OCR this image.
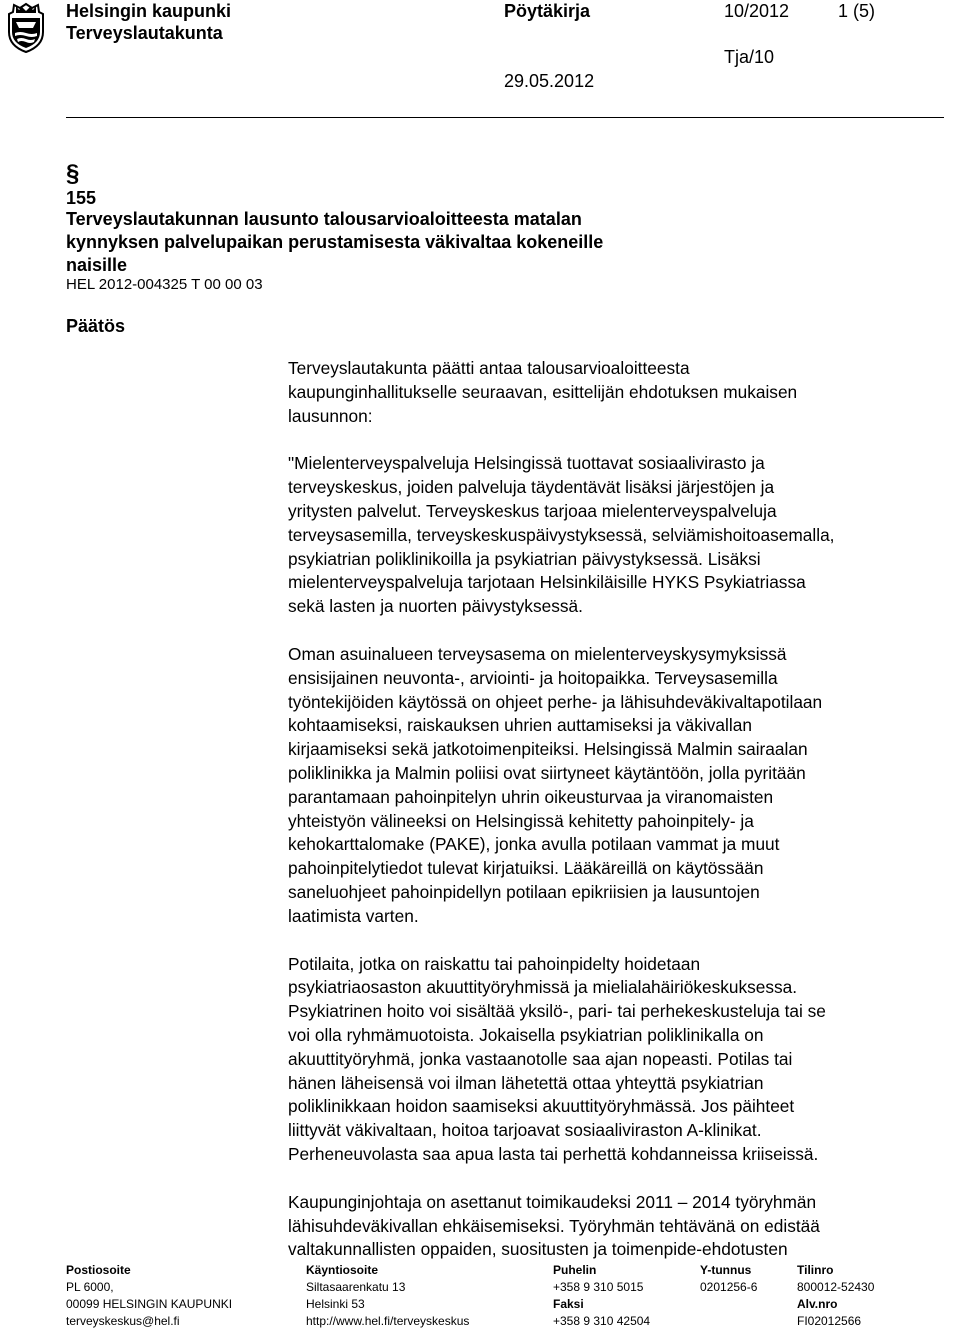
Helsingin kaupunki
Terveyslautakunta
Pöytäkirja	10/2012	1 (5)
Tja/10
29.05.2012
§
155
Terveyslautakunnan lausunto talousarvioaloitteesta matalan
kynnyksen palvelupaikan perustamisesta väkivaltaa kokeneille
naisille
HEL 2012-004325 T 00 00 03
Päätös
Terveyslautakunta päätti antaa talousarvioaloitteesta
kaupunginhallitukselle seuraavan, esittelijän ehdotuksen mukaisen
lausunnon:
"Mielenterveyspalveluja Helsingissä tuottavat sosiaalivirasto ja
terveyskeskus, joiden palveluja täydentävät lisäksi järjestöjen ja
yritysten palvelut. Terveyskeskus tarjoaa mielenterveyspalveluja
terveysasemilla, terveyskeskuspäivystyksessä, selviämishoitoasemalla,
psykiatrian poliklinikoilla ja psykiatrian päivystyksessä. Lisäksi
mielenterveyspalveluja tarjotaan Helsinkiläisille HYKS Psykiatriassa
sekä lasten ja nuorten päivystyksessä.
Oman asuinalueen terveysasema on mielenterveyskysymyksissä
ensisijainen neuvonta-, arviointi- ja hoitopaikka. Terveysasemilla
työntekijöiden käytössä on ohjeet perhe- ja lähisuhdeväkivaltapotilaan
kohtaamiseksi, raiskauksen uhrien auttamiseksi ja väkivallan
kirjaamiseksi sekä jatkotoimenpiteiksi. Helsingissä Malmin sairaalan
poliklinikka ja Malmin poliisi ovat siirtyneet käytäntöön, jolla pyritään
parantamaan pahoinpitelyn uhrin oikeusturvaa ja viranomaisten
yhteistyön välineeksi on Helsingissä kehitetty pahoinpitely- ja
kehokarttalomake (PAKE), jonka avulla potilaan vammat ja muut
pahoinpitelytiedot tulevat kirjatuiksi. Lääkäreillä on käytössään
saneluohjeet pahoinpidellyn potilaan epikriisien ja lausuntojen
laatimista varten.
Potilaita, jotka on raiskattu tai pahoinpidelty hoidetaan
psykiatriaosaston akuuttityöryhmissä ja mielialahäiriökeskuksessa.
Psykiatrinen hoito voi sisältää yksilö-, pari- tai perhekeskusteluja tai se
voi olla ryhmämuotoista. Jokaisella psykiatrian poliklinikalla on
akuuttityöryhmä, jonka vastaanotolle saa ajan nopeasti. Potilas tai
hänen läheisensä voi ilman lähetettä ottaa yhteyttä psykiatrian
poliklinikkaan hoidon saamiseksi akuuttityöryhmässä. Jos päihteet
liittyvät väkivaltaan, hoitoa tarjoavat sosiaaliviraston A-klinikat.
Perheneuvolasta saa apua lasta tai perhettä kohdanneissa kriiseissä.
Kaupunginjohtaja on asettanut toimikaudeksi 2011 – 2014 työryhmän
lähisuhdeväkivallan ehkäisemiseksi. Työryhmän tehtävänä on edistää
valtakunnallisten oppaiden, suositusten ja toimenpide-ehdotusten
Postiosoite
PL 6000,
00099 HELSINGIN KAUPUNKI
terveyskeskus@hel.fi
Käyntiosoite
Siltasaarenkatu 13
Helsinki 53
http://www.hel.fi/terveyskeskus
Puhelin
+358 9 310 5015
Faksi
+358 9 310 42504
Y-tunnus
0201256-6
Tilinro
800012-52430
Alv.nro
FI02012566
